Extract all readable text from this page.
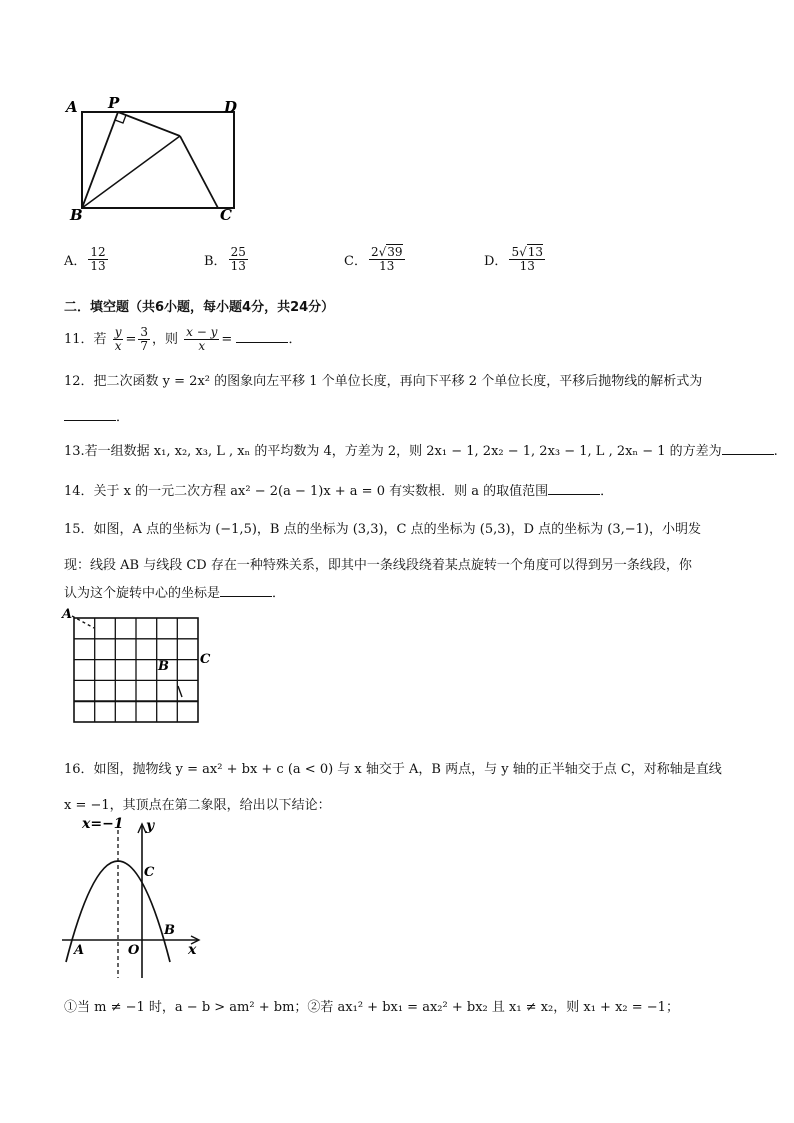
A P	D
B	C
A． $\frac{12}{13}$	B． $\frac{25}{13}$	C． $\frac{2√39}{13}$	D． $\frac{5√13}{13}$
二．填空题（共6小题，每小题4分，共24分）
11．若 $\frac{y}{x} = \frac{3}{7}$ ，则 $\frac{x - y}{x}$ =	．
12．把二次函数 y = 2x² 的图象向左平移 1 个单位长度，再向下平移 2 个单位长度，平移后抛物线的解析式为
．
13.若一组数据 x₁, x₂, x₃, L , xₙ 的平均数为 4，方差为 2，则 2x₁ − 1, 2x₂ − 1, 2x₃ − 1, L , 2xₙ − 1 的方差为	.
14．关于 x 的一元二次方程 ax² − 2(a − 1)x + a = 0 有实数根．则 a 的取值范围	．
15．如图，A 点的坐标为 (−1,5)，B 点的坐标为 (3,3)，C 点的坐标为 (5,3)，D 点的坐标为 (3,−1)，小明发
现：线段 AB 与线段 CD 存在一种特殊关系，即其中一条线段绕着某点旋转一个角度可以得到另一条线段，你
认为这个旋转中心的坐标是	．
A
B C
16．如图，抛物线 y = ax² + bx + c (a < 0) 与 x 轴交于 A，B 两点，与 y 轴的正半轴交于点 C，对称轴是直线
x = −1，其顶点在第二象限，给出以下结论：
x=−1 y
C
A	O
B
x
①当 m ≠ −1 时，a − b > am² + bm；②若 ax₁² + bx₁ = ax₂² + bx₂ 且 x₁ ≠ x₂，则 x₁ + x₂ = −1；
